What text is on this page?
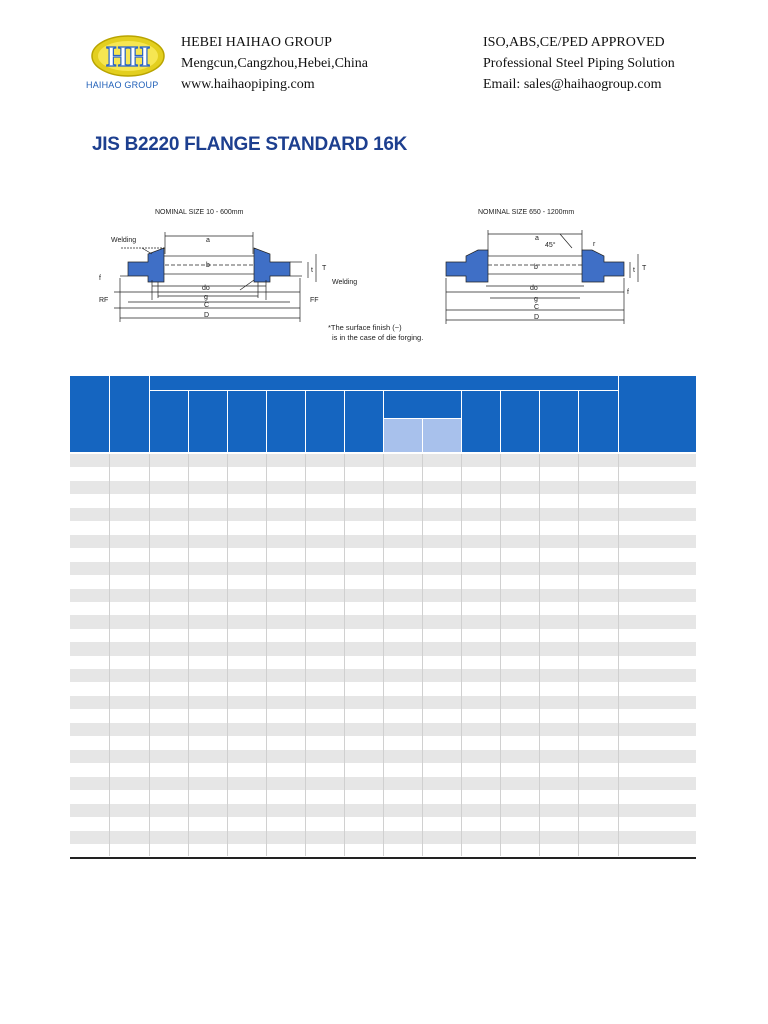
HH
HAIHAO GROUP
HEBEI HAIHAO GROUP
Mengcun,Cangzhou,Hebei,China
www.haihaopiping.com
ISO,ABS,CE/PED APPROVED
Professional Steel Piping Solution
Email: sales@haihaogroup.com
JIS B2220 FLANGE STANDARD 16K
NOMINAL SIZE 10 - 600mm
a
b
do
g
C
D
T
t
f
Welding
Welding
RF	FF
NOMINAL SIZE 650 - 1200mm
a
45°
b
do
g
C
D
r
T
t
f
*The surface finish (~)
is in the case of die forging.
